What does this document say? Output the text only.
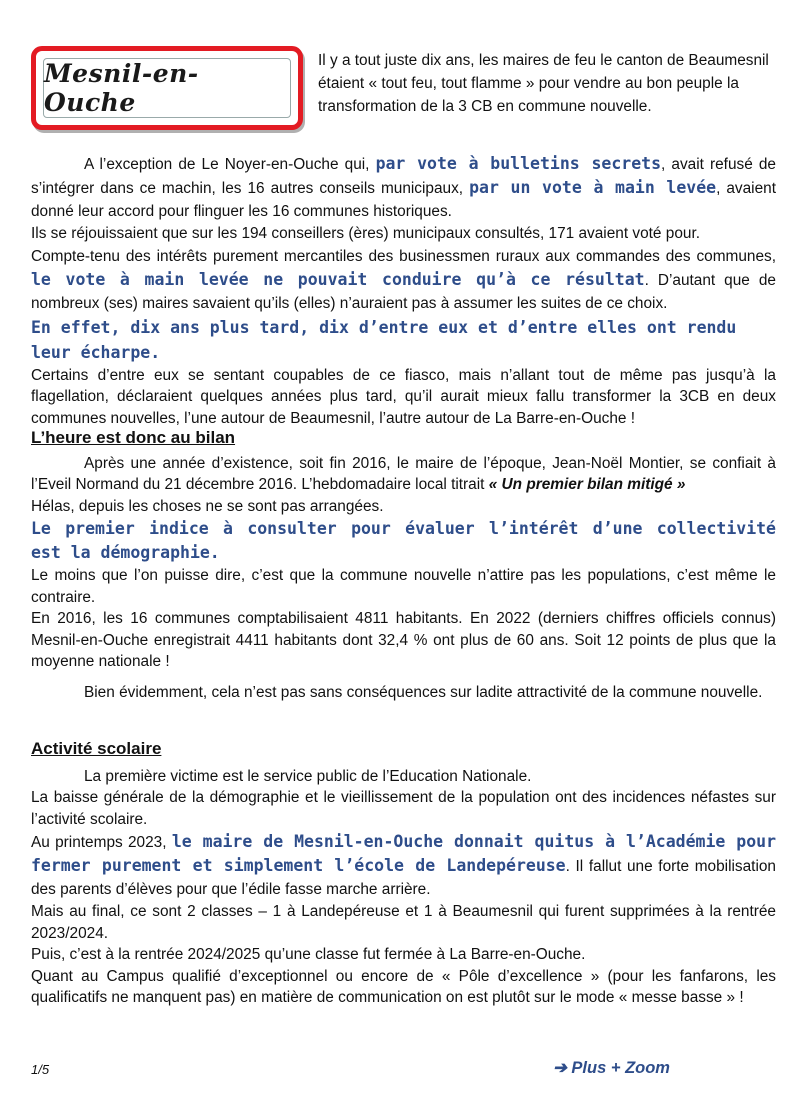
Mesnil-en-Ouche

Il y a tout juste dix ans, les maires de feu le canton de Beaumesnil étaient « tout feu, tout flamme » pour vendre au bon peuple la transformation de la 3 CB en commune nouvelle.

A l’exception de Le Noyer-en-Ouche qui, par vote à bulletins secrets, avait refusé de s’intégrer dans ce machin, les 16 autres conseils municipaux, par un vote à main levée, avaient donné leur accord pour flinguer les 16 communes historiques.

Ils se réjouissaient que sur les 194 conseillers (ères) municipaux consultés, 171 avaient voté pour.

Compte-tenu des intérêts purement mercantiles des businessmen ruraux aux commandes des communes, le vote à main levée ne pouvait conduire qu’à ce résultat. D’autant que de nombreux (ses) maires savaient qu’ils (elles) n’auraient pas à assumer les suites de ce choix.

En effet, dix ans plus tard, dix d’entre eux et d’entre elles ont rendu leur écharpe.

Certains d’entre eux se sentant coupables de ce fiasco, mais n’allant tout de même pas jusqu’à la flagellation, déclaraient quelques années plus tard, qu’il aurait mieux fallu transformer la 3CB en deux communes nouvelles, l’une autour de Beaumesnil, l’autre autour de La Barre-en-Ouche !

L’heure est donc au bilan

Après une année d’existence, soit fin 2016, le maire de l’époque, Jean-Noël Montier, se confiait à l’Eveil Normand du 21 décembre 2016. L’hebdomadaire local titrait « Un premier bilan mitigé »

Hélas, depuis les choses ne se sont pas arrangées.

Le premier indice à consulter pour évaluer l’intérêt d’une collectivité est la démographie.

Le moins que l’on puisse dire, c’est que la commune nouvelle n’attire pas les populations, c’est même le contraire.

En 2016, les 16 communes comptabilisaient 4811 habitants. En 2022 (derniers chiffres officiels connus) Mesnil-en-Ouche enregistrait 4411 habitants dont 32,4 % ont plus de 60 ans. Soit 12 points de plus que la moyenne nationale !

Bien évidemment, cela n’est pas sans conséquences sur ladite attractivité de la commune nouvelle.

Activité scolaire

La première victime est le service public de l’Education Nationale.

La baisse générale de la démographie et le vieillissement de la population ont des incidences néfastes sur l’activité scolaire.

Au printemps 2023, le maire de Mesnil-en-Ouche donnait quitus à l’Académie pour fermer purement et simplement l’école de Landepéreuse. Il fallut une forte mobilisation des parents d’élèves pour que l’édile fasse marche arrière.

Mais au final, ce sont 2 classes – 1 à Landepéreuse et 1 à Beaumesnil qui furent supprimées à la rentrée 2023/2024.

Puis, c’est à la rentrée 2024/2025 qu’une classe fut fermée à La Barre-en-Ouche.

Quant au Campus qualifié d’exceptionnel ou encore de « Pôle d’excellence » (pour les fanfarons, les qualificatifs ne manquent pas) en matière de communication on est plutôt sur le mode « messe basse » !

1/5	➔ Plus + Zoom
